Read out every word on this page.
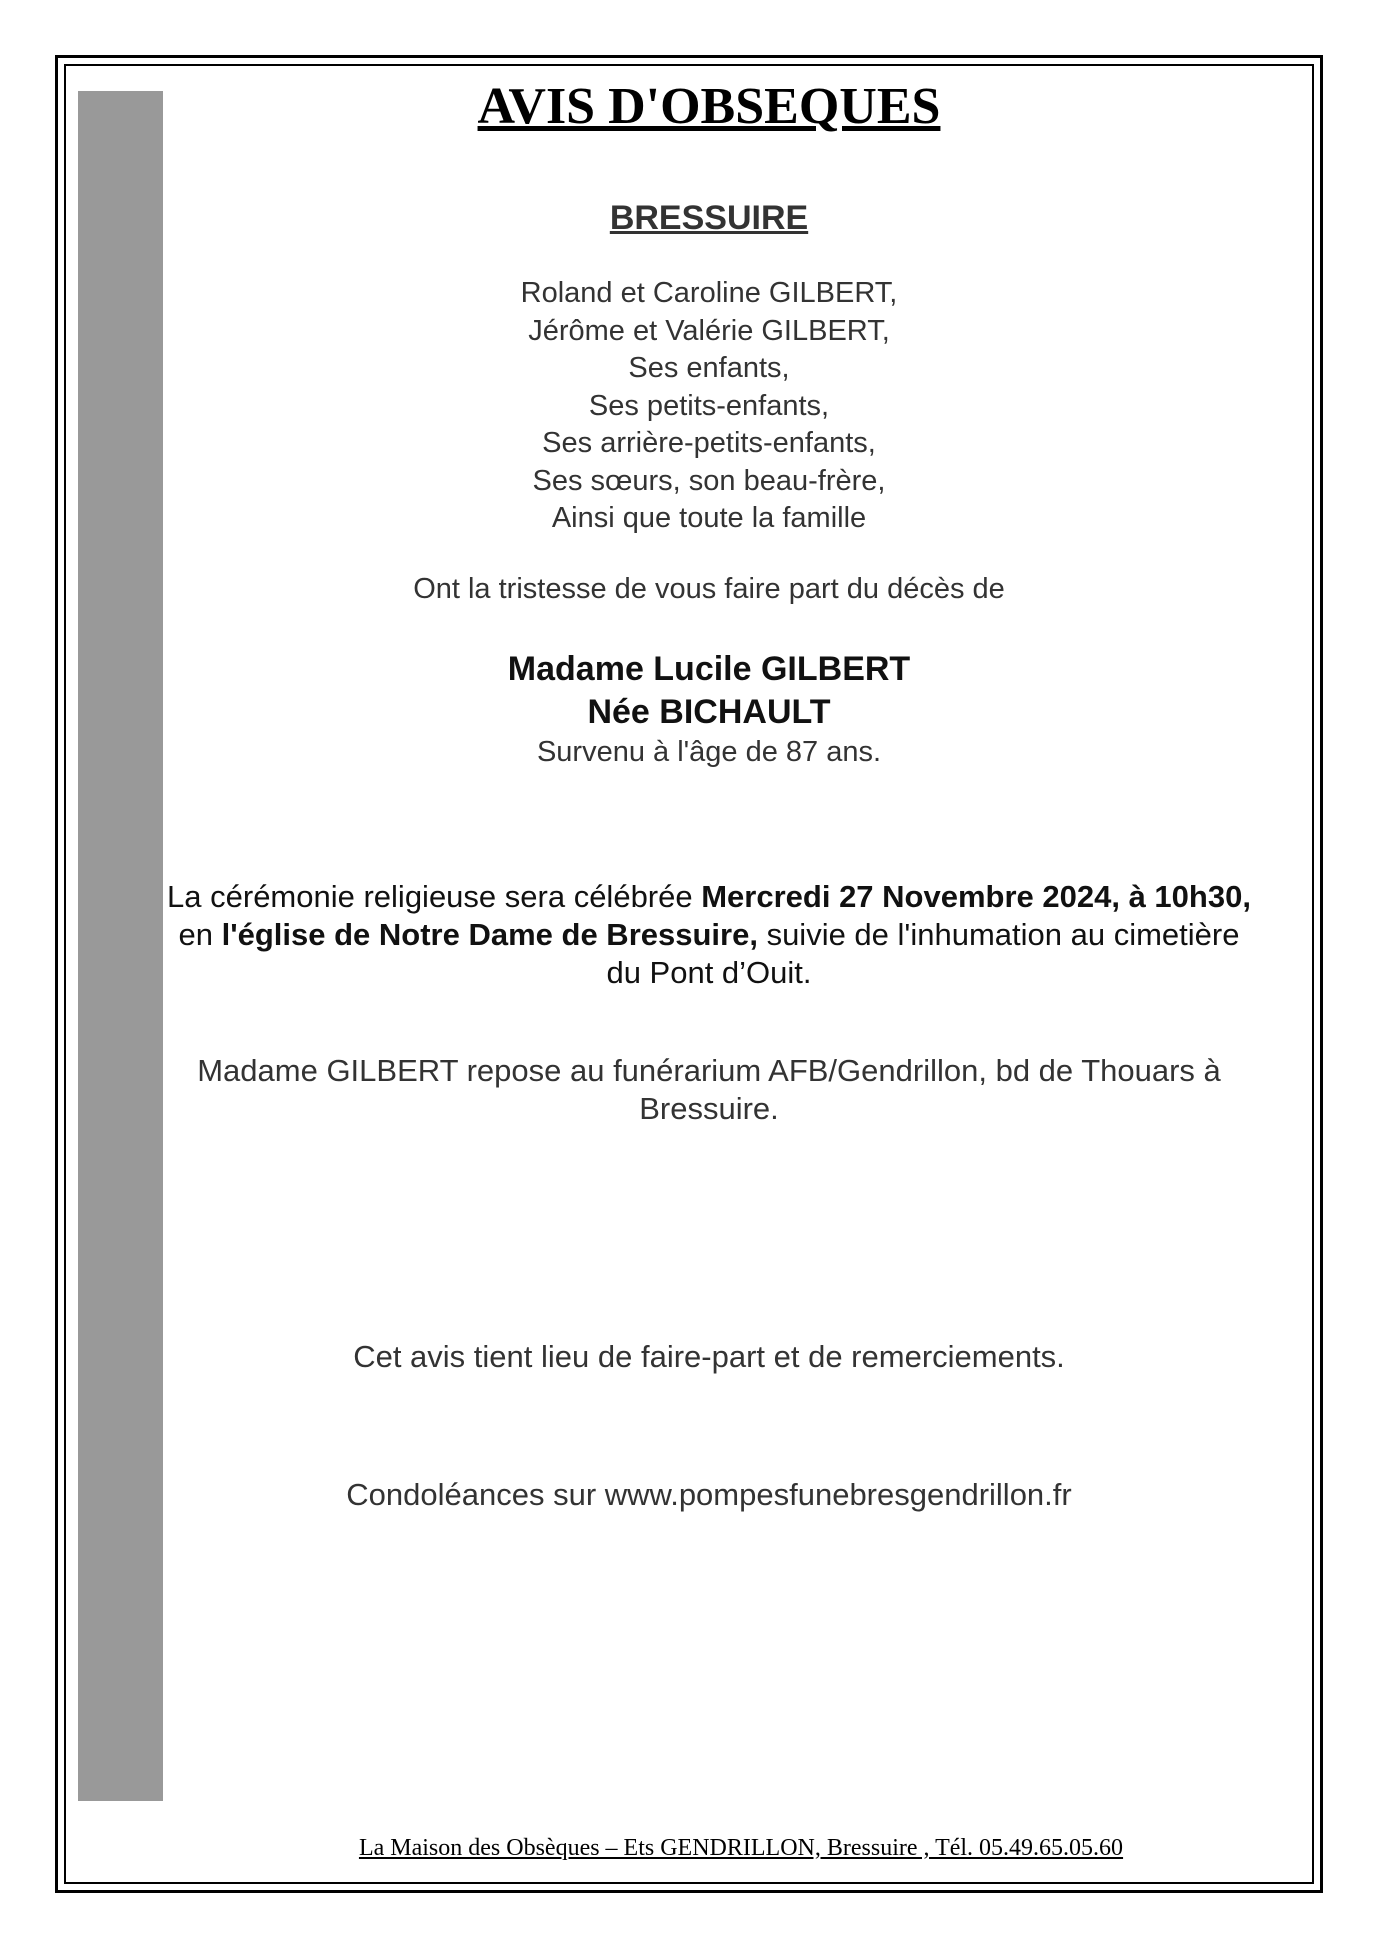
AVIS D'OBSEQUES
BRESSUIRE
Roland et Caroline GILBERT,
Jérôme et Valérie GILBERT,
Ses enfants,
Ses petits-enfants,
Ses arrière-petits-enfants,
Ses sœurs, son beau-frère,
Ainsi que toute la famille
Ont la tristesse de vous faire part du décès de
Madame Lucile GILBERT
Née BICHAULT
Survenu à l'âge de 87 ans.
La cérémonie religieuse sera célébrée Mercredi 27 Novembre 2024, à 10h30, en l'église de Notre Dame de Bressuire, suivie de l'inhumation au cimetière du Pont d’Ouit.
Madame GILBERT repose au funérarium AFB/Gendrillon, bd de Thouars à Bressuire.
Cet avis tient lieu de faire-part et de remerciements.
Condoléances sur www.pompesfunebresgendrillon.fr
La Maison des Obsèques – Ets GENDRILLON, Bressuire , Tél. 05.49.65.05.60
